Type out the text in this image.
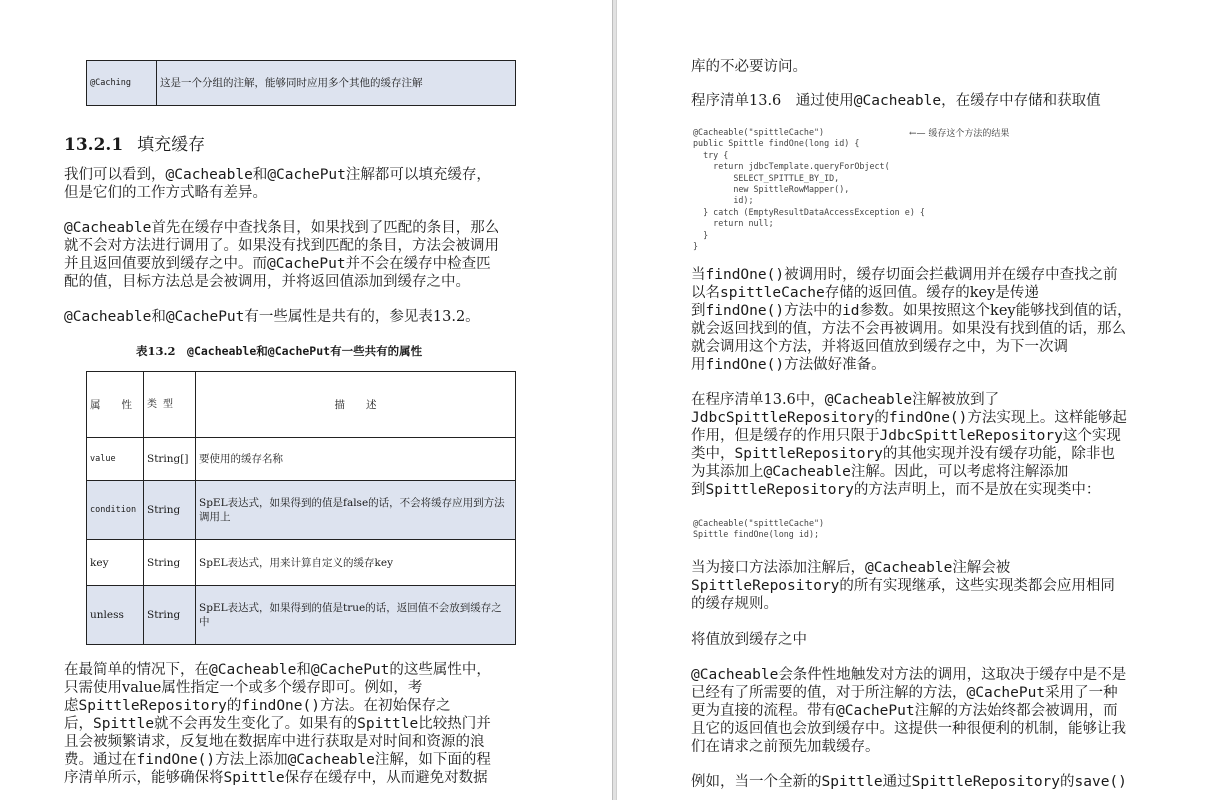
@Caching	这是一个分组的注解，能够同时应用多个其他的缓存注解
13.2.1 填充缓存
我们可以看到，@Cacheable和@CachePut注解都可以填充缓存，
但是它们的工作方式略有差异。
@Cacheable首先在缓存中查找条目，如果找到了匹配的条目，那么
就不会对方法进行调用了。如果没有找到匹配的条目，方法会被调用
并且返回值要放到缓存之中。而@CachePut并不会在缓存中检查匹
配的值，目标方法总是会被调用，并将返回值添加到缓存之中。
@Cacheable和@CachePut有一些属性是共有的，参见表13.2。
表13.2　@Cacheable和@CachePut有一些共有的属性
属　　性	类型	描　　述
value	String[]	要使用的缓存名称
condition	String	SpEL表达式，如果得到的值是false的话，不会将缓存应用到方法调用上
key	String	SpEL表达式，用来计算自定义的缓存key
unless	String	SpEL表达式，如果得到的值是true的话，返回值不会放到缓存之中
在最简单的情况下，在@Cacheable和@CachePut的这些属性中，
只需使用value属性指定一个或多个缓存即可。例如，考
虑SpittleRepository的findOne()方法。在初始保存之
后，Spittle就不会再发生变化了。如果有的Spittle比较热门并
且会被频繁请求，反复地在数据库中进行获取是对时间和资源的浪
费。通过在findOne()方法上添加@Cacheable注解，如下面的程
序清单所示，能够确保将Spittle保存在缓存中，从而避免对数据
库的不必要访问。
程序清单13.6　通过使用@Cacheable，在缓存中存储和获取值
@Cacheable("spittleCache")
public Spittle findOne(long id) {
try {
return jdbcTemplate.queryForObject(
SELECT_SPITTLE_BY_ID,
new SpittleRowMapper(),
id);
} catch (EmptyResultDataAccessException e) {
return null;
}
}
←— 缓存这个方法的结果
当findOne()被调用时，缓存切面会拦截调用并在缓存中查找之前
以名spittleCache存储的返回值。缓存的key是传递
到findOne()方法中的id参数。如果按照这个key能够找到值的话，
就会返回找到的值，方法不会再被调用。如果没有找到值的话，那么
就会调用这个方法，并将返回值放到缓存之中，为下一次调
用findOne()方法做好准备。
在程序清单13.6中，@Cacheable注解被放到了
JdbcSpittleRepository的findOne()方法实现上。这样能够起
作用，但是缓存的作用只限于JdbcSpittleRepository这个实现
类中，SpittleRepository的其他实现并没有缓存功能，除非也
为其添加上@Cacheable注解。因此，可以考虑将注解添加
到SpittleRepository的方法声明上，而不是放在实现类中：
@Cacheable("spittleCache")
Spittle findOne(long id);
当为接口方法添加注解后，@Cacheable注解会被
SpittleRepository的所有实现继承，这些实现类都会应用相同
的缓存规则。
将值放到缓存之中
@Cacheable会条件性地触发对方法的调用，这取决于缓存中是不是
已经有了所需要的值，对于所注解的方法，@CachePut采用了一种
更为直接的流程。带有@CachePut注解的方法始终都会被调用，而
且它的返回值也会放到缓存中。这提供一种很便利的机制，能够让我
们在请求之前预先加载缓存。
例如，当一个全新的Spittle通过SpittleRepository的save()
